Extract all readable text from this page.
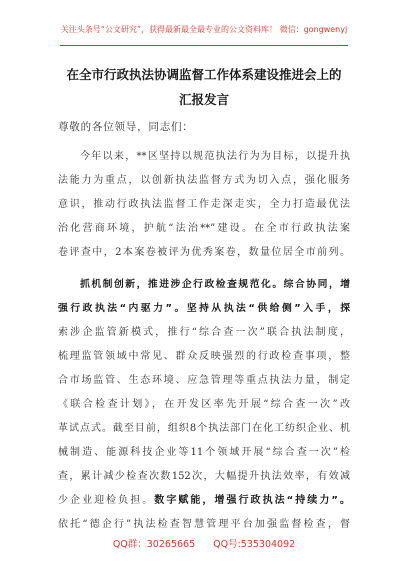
关注头条号“公文研究”，获得最新最全最专业的公文资料库！ 微信：gongwenyj
在全市行政执法协调监督工作体系建设推进会上的汇报发言
尊敬的各位领导，同志们：
今年以来，**区坚持以规范执法行为为目标，以提升执
法能力为重点，以创新执法监督方式为切入点，强化服务
意识，推动行政执法监督工作走深走实，全力打造最优法
治化营商环境，护航“法治**”建设。在全市行政执法案
卷评查中，2本案卷被评为优秀案卷，数量位居全市前列。
抓机制创新，推进涉企行政检查规范化。综合协同，增
强行政执法“内驱力”。坚持从执法“供给侧”入手，探
索涉企监管新模式，推行“综合查一次”联合执法制度，
梳理监管领域中常见、群众反映强烈的行政检查事项，整
合市场监管、生态环境、应急管理等重点执法力量，制定
《联合检查计划》，在开发区率先开展“综合查一次”改
革试点式。截至目前，组织8个执法部门在化工纺织企业、机
械制造、能源科技企业等11个领域开展“综合查一次”检
查，累计减少检查次数152次，大幅提升执法效率，有效减
少企业迎检负担。数字赋能，增强行政执法“持续力”。
依托“德企行”执法检查智慧管理平台加强监督检查，督
QQ群：30265665 QQ号:535304092
